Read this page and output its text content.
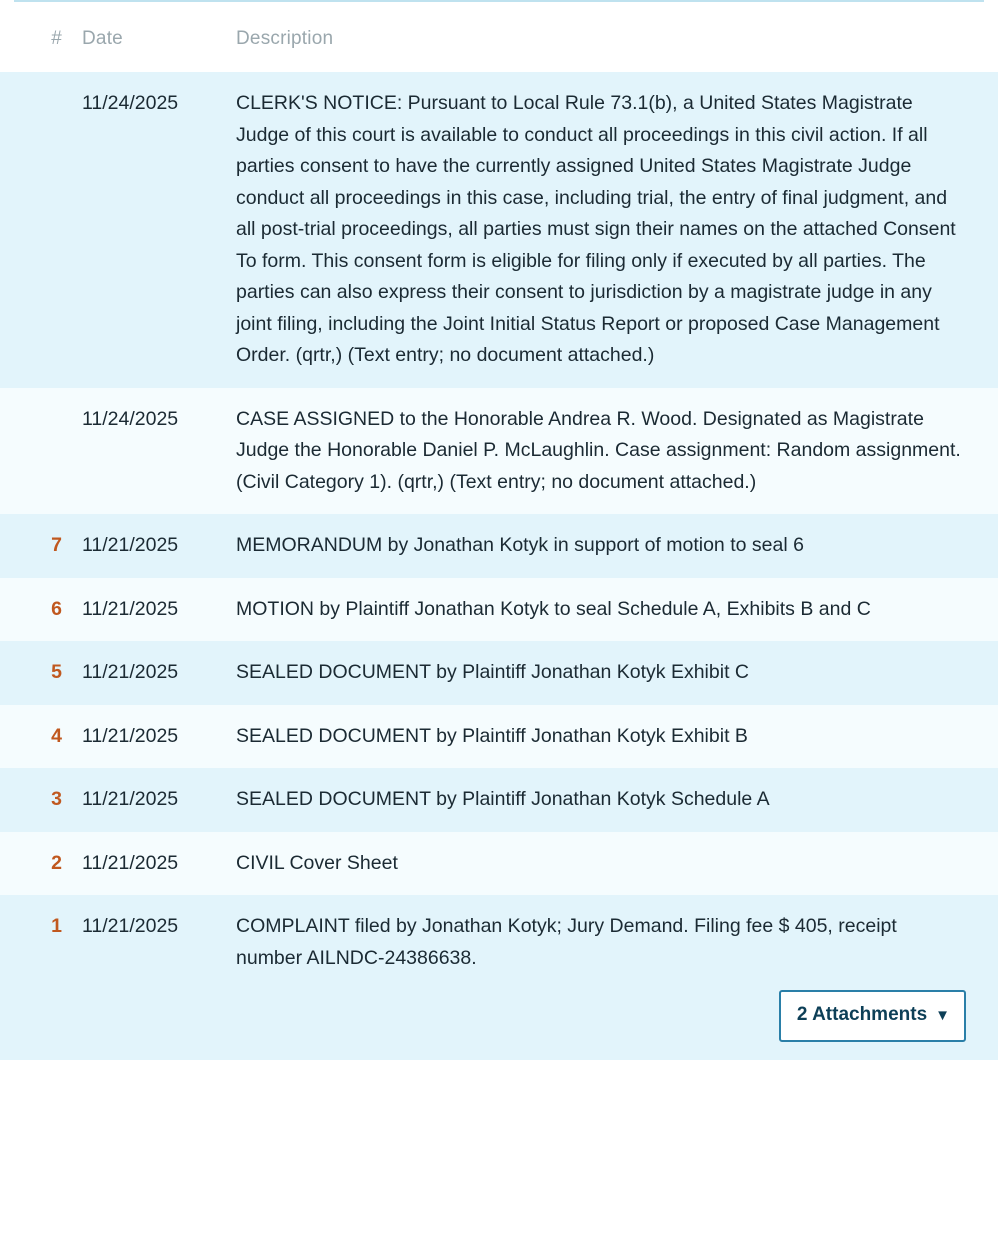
#	Date	Description
	11/24/2025	CLERK'S NOTICE: Pursuant to Local Rule 73.1(b), a United States Magistrate Judge of this court is available to conduct all proceedings in this civil action. If all parties consent to have the currently assigned United States Magistrate Judge conduct all proceedings in this case, including trial, the entry of final judgment, and all post-trial proceedings, all parties must sign their names on the attached Consent To form. This consent form is eligible for filing only if executed by all parties. The parties can also express their consent to jurisdiction by a magistrate judge in any joint filing, including the Joint Initial Status Report or proposed Case Management Order. (qrtr,) (Text entry; no document attached.)
	11/24/2025	CASE ASSIGNED to the Honorable Andrea R. Wood. Designated as Magistrate Judge the Honorable Daniel P. McLaughlin. Case assignment: Random assignment. (Civil Category 1). (qrtr,) (Text entry; no document attached.)
7	11/21/2025	MEMORANDUM by Jonathan Kotyk in support of motion to seal 6
6	11/21/2025	MOTION by Plaintiff Jonathan Kotyk to seal Schedule A, Exhibits B and C
5	11/21/2025	SEALED DOCUMENT by Plaintiff Jonathan Kotyk Exhibit C
4	11/21/2025	SEALED DOCUMENT by Plaintiff Jonathan Kotyk Exhibit B
3	11/21/2025	SEALED DOCUMENT by Plaintiff Jonathan Kotyk Schedule A
2	11/21/2025	CIVIL Cover Sheet
1	11/21/2025	COMPLAINT filed by Jonathan Kotyk; Jury Demand. Filing fee $ 405, receipt number AILNDC-24386638.
2 Attachments ▼		
